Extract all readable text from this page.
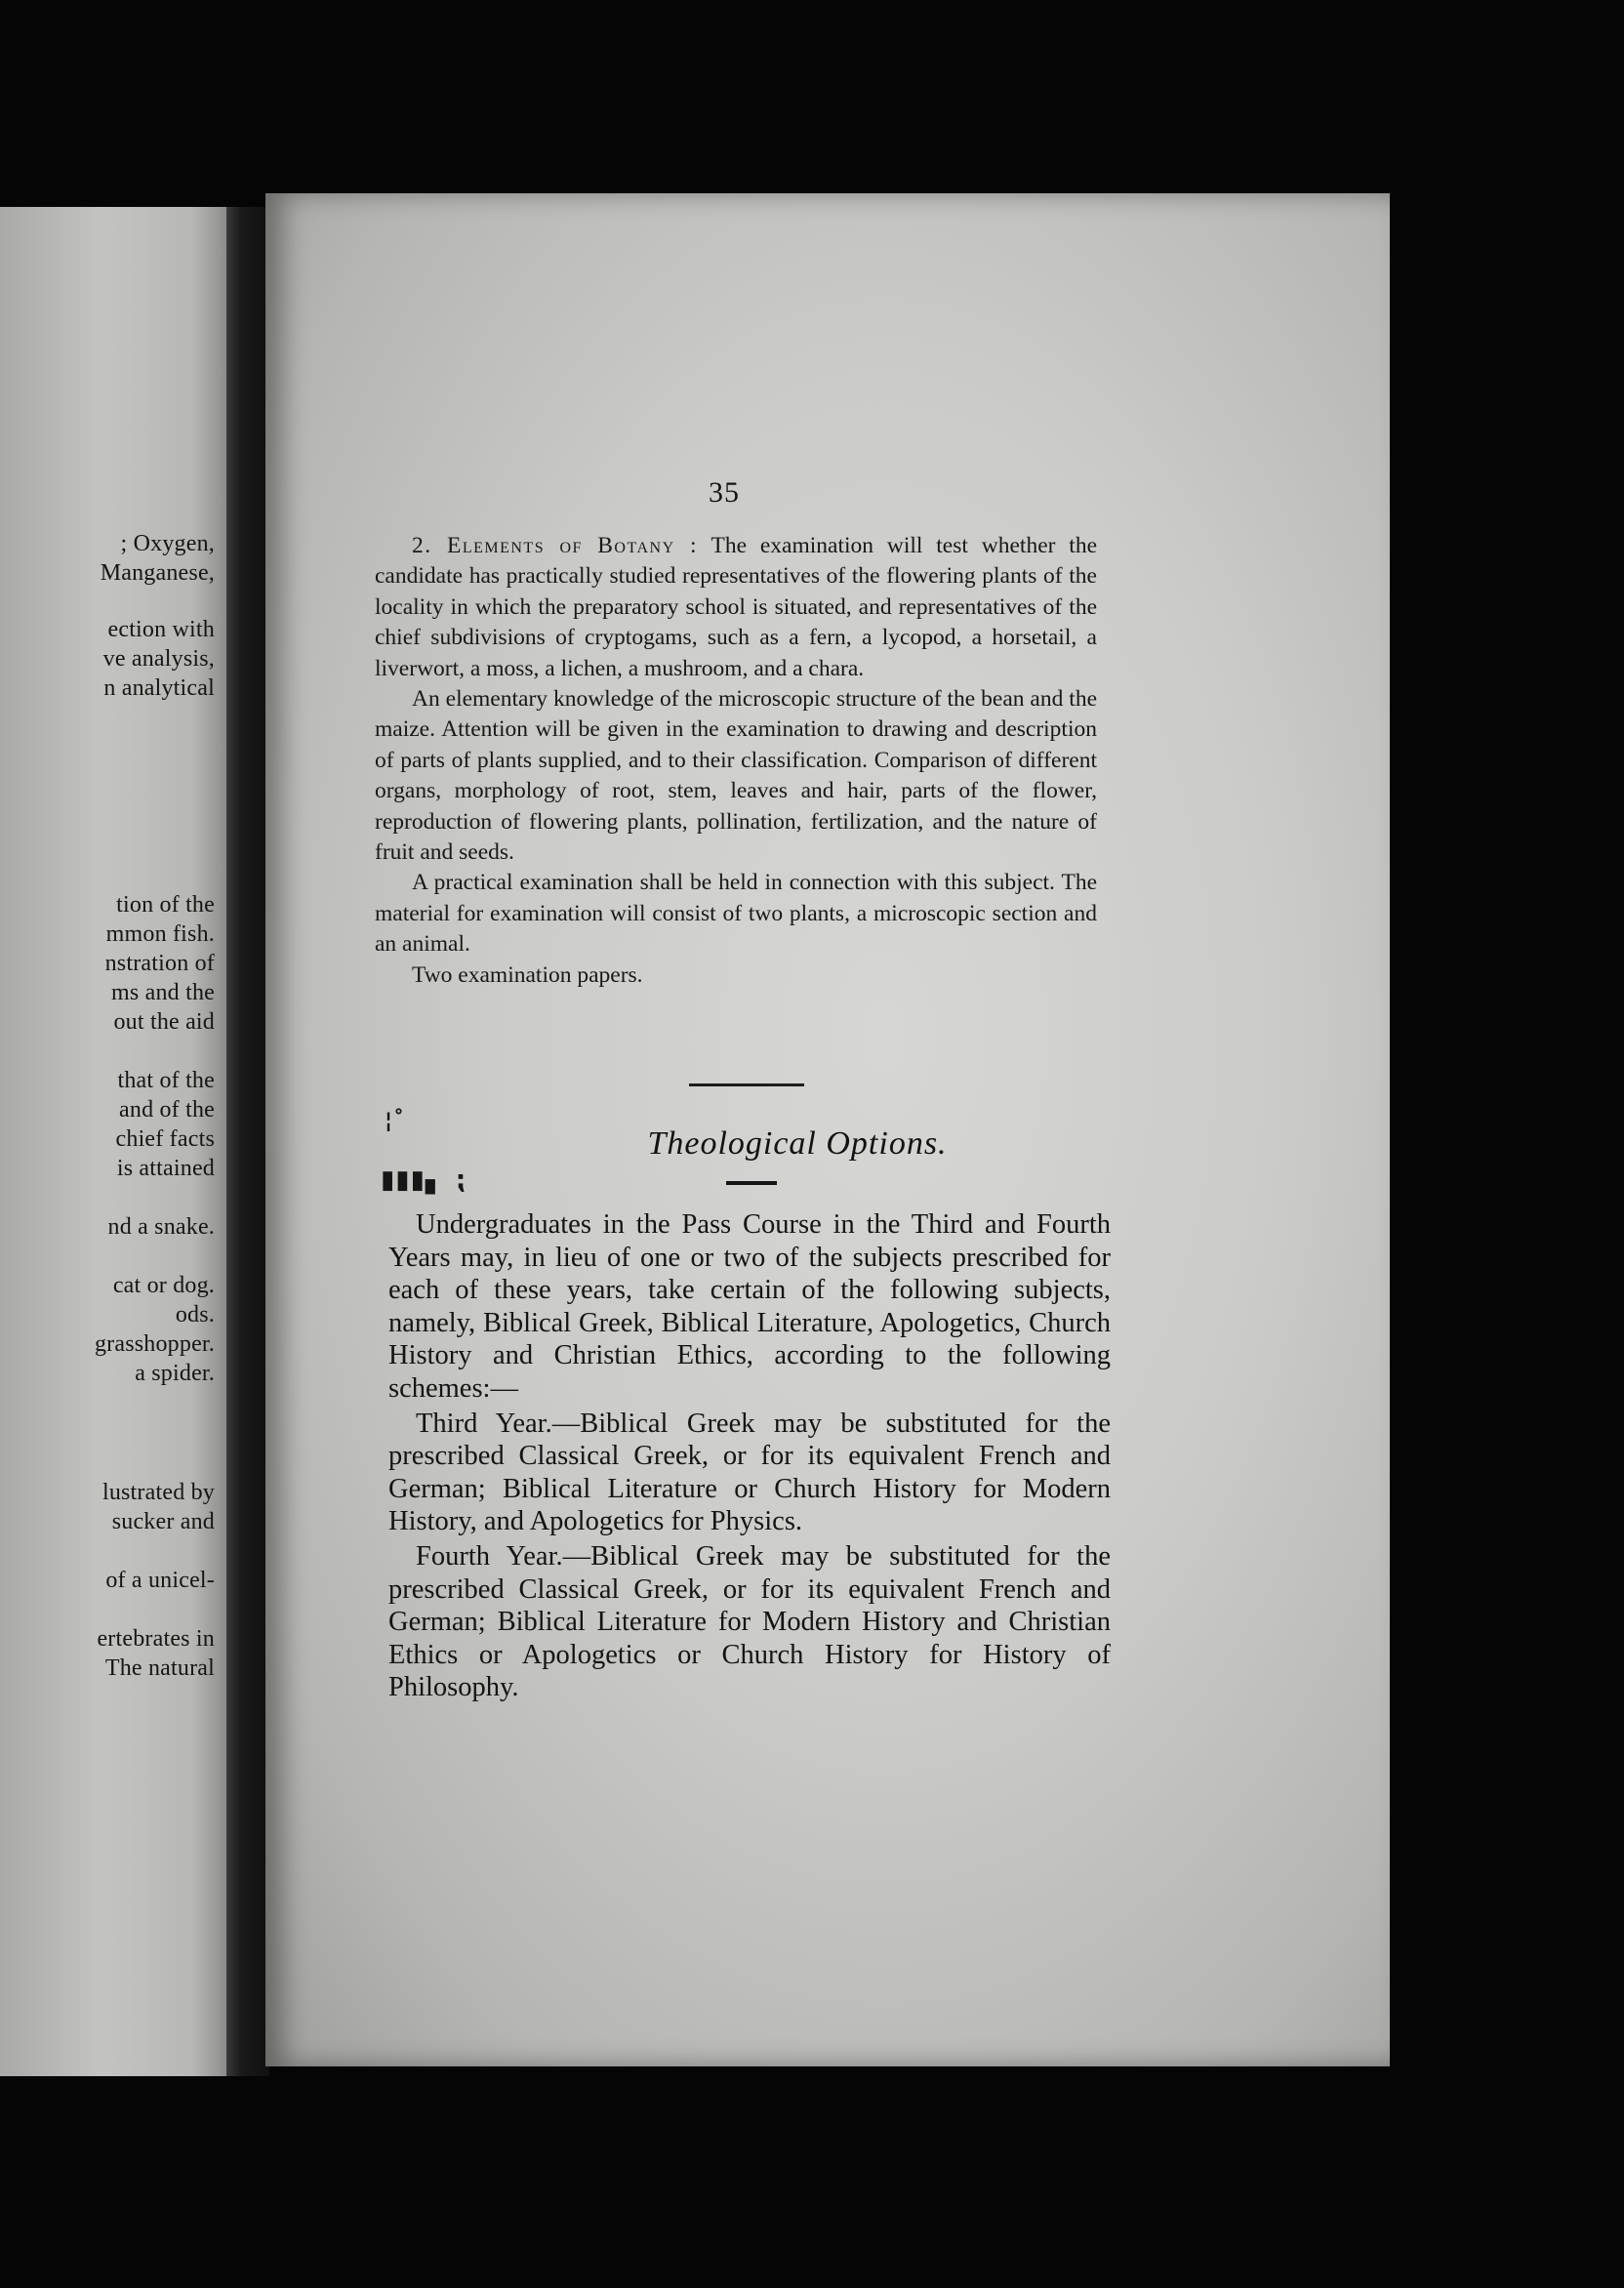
; Oxygen,
Manganese,
ection with
ve analysis,
n analytical
tion of the
mmon fish.
nstration of
ms and the
out the aid
that of the
and of the
chief facts
is attained
nd a snake.
cat or dog.
ods.
grasshopper.
a spider.
lustrated by
sucker and
of a unicel-
ertebrates in
The natural
35

2. Elements of Botany : The examination will test whether the candidate has practically studied representatives of the flowering plants of the locality in which the preparatory school is situated, and representatives of the chief subdivisions of cryptogams, such as a fern, a lycopod, a horsetail, a liverwort, a moss, a lichen, a mushroom, and a chara.

An elementary knowledge of the microscopic structure of the bean and the maize. Attention will be given in the examination to drawing and description of parts of plants supplied, and to their classification. Comparison of different organs, morphology of root, stem, leaves and hair, parts of the flower, reproduction of flowering plants, pollination, fertilization, and the nature of fruit and seeds.

A practical examination shall be held in connection with this subject. The material for examination will consist of two plants, a microscopic section and an animal.

Two examination papers.

¦˚
▮▮▮▖ ⁏
Theological Options.

Undergraduates in the Pass Course in the Third and Fourth Years may, in lieu of one or two of the subjects prescribed for each of these years, take certain of the following subjects, namely, Biblical Greek, Biblical Literature, Apologetics, Church History and Christian Ethics, according to the following schemes:—

Third Year.—Biblical Greek may be substituted for the prescribed Classical Greek, or for its equivalent French and German; Biblical Literature or Church History for Modern History, and Apologetics for Physics.

Fourth Year.—Biblical Greek may be substituted for the prescribed Classical Greek, or for its equivalent French and German; Biblical Literature for Modern History and Christian Ethics or Apologetics or Church History for History of Philosophy.
